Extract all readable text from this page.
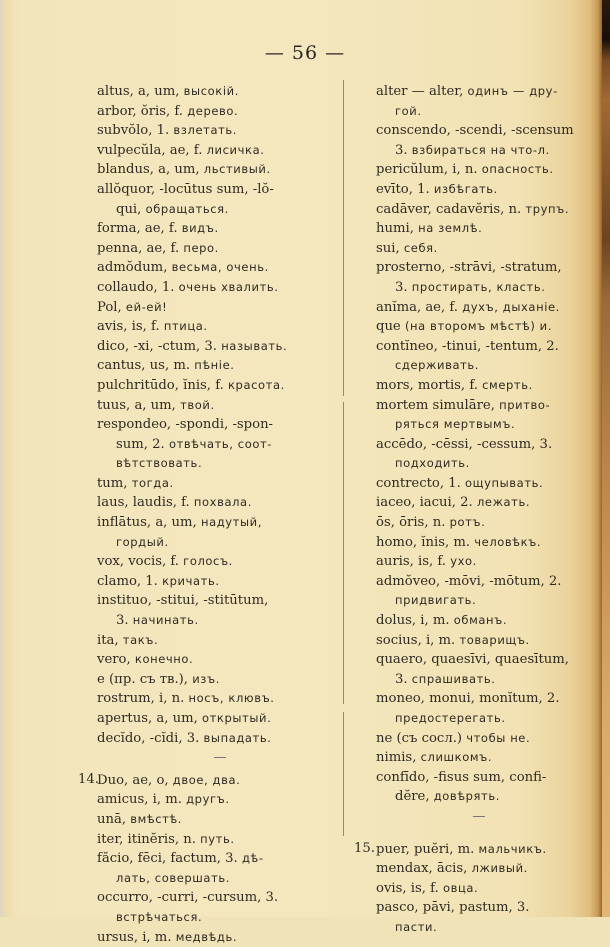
— 56 —
altus, a, um, высокій.
arbor, ŏris, f. дерево.
subvŏlo, 1. взлетать.
vulpecŭla, ae, f. лисичка.
blandus, a, um, льстивый.
allŏquor, -locūtus sum, -lŏ-
qui, обращаться.
forma, ae, f. видъ.
penna, ae, f. перо.
admŏdum, весьма, очень.
collaudo, 1. очень хвалить.
Pol, ей-ей!
avis, is, f. птица.
dico, -xi, -ctum, 3. называть.
cantus, us, m. пѣніе.
pulchritūdo, ĭnis, f. красота.
tuus, a, um, твой.
respondeo, -spondi, -spon-
sum, 2. отвѣчать, соот-
вѣтствовать.
tum, тогда.
laus, laudis, f. похвала.
inflātus, a, um, надутый,
гордый.
vox, vocis, f. голосъ.
clamo, 1. кричать.
instituo, -stitui, -stitūtum,
3. начинать.
ita, такъ.
vero, конечно.
e (пр. съ тв.), изъ.
rostrum, i, n. носъ, клювъ.
apertus, a, um, открытый.
decĭdo, -cĭdi, 3. выпадать.
14.
Duo, ae, o, двое, два.
amicus, i, m. другъ.
unā, вмѣстѣ.
iter, itinĕris, n. путь.
făcio, fēci, factum, 3. дѣ-
лать, совершать.
occurro, -curri, -cursum, 3.
встрѣчаться.
ursus, i, m. медвѣдь.
alter — alter, одинъ — дру-
гой.
conscendo, -scendi, -scensum
3. взбираться на что-л.
pericŭlum, i, n. опасность.
evīto, 1. избѣгать.
cadāver, cadavĕris, n. трупъ.
humi, на землѣ.
sui, себя.
prosterno, -strāvi, -stratum,
3. простирать, класть.
anĭma, ae, f. духъ, дыханіе.
que (на второмъ мѣстѣ) и.
contĭneo, -tinui, -tentum, 2.
сдерживать.
mors, mortis, f. смерть.
mortem simulāre, притво-
ряться мертвымъ.
accēdo, -cēssi, -cessum, 3.
подходить.
contrecto, 1. ощупывать.
iaceo, iacui, 2. лежать.
ōs, ōris, n. ротъ.
homo, ĭnis, m. человѣкъ.
auris, is, f. ухо.
admŏveo, -mōvi, -mōtum, 2.
придвигать.
dolus, i, m. обманъ.
socius, i, m. товарищъ.
quaero, quaesīvi, quaesītum,
3. спрашивать.
moneo, monui, monĭtum, 2.
предостерегать.
ne (съ сосл.) чтобы не.
nimis, слишкомъ.
confīdo, -fisus sum, confi-
dĕre, довѣрять.
15. puer, puĕri, m. мальчикъ.
mendax, ācis, лживый.
ovis, is, f. овца.
pasco, pāvi, pastum, 3.
пасти.
